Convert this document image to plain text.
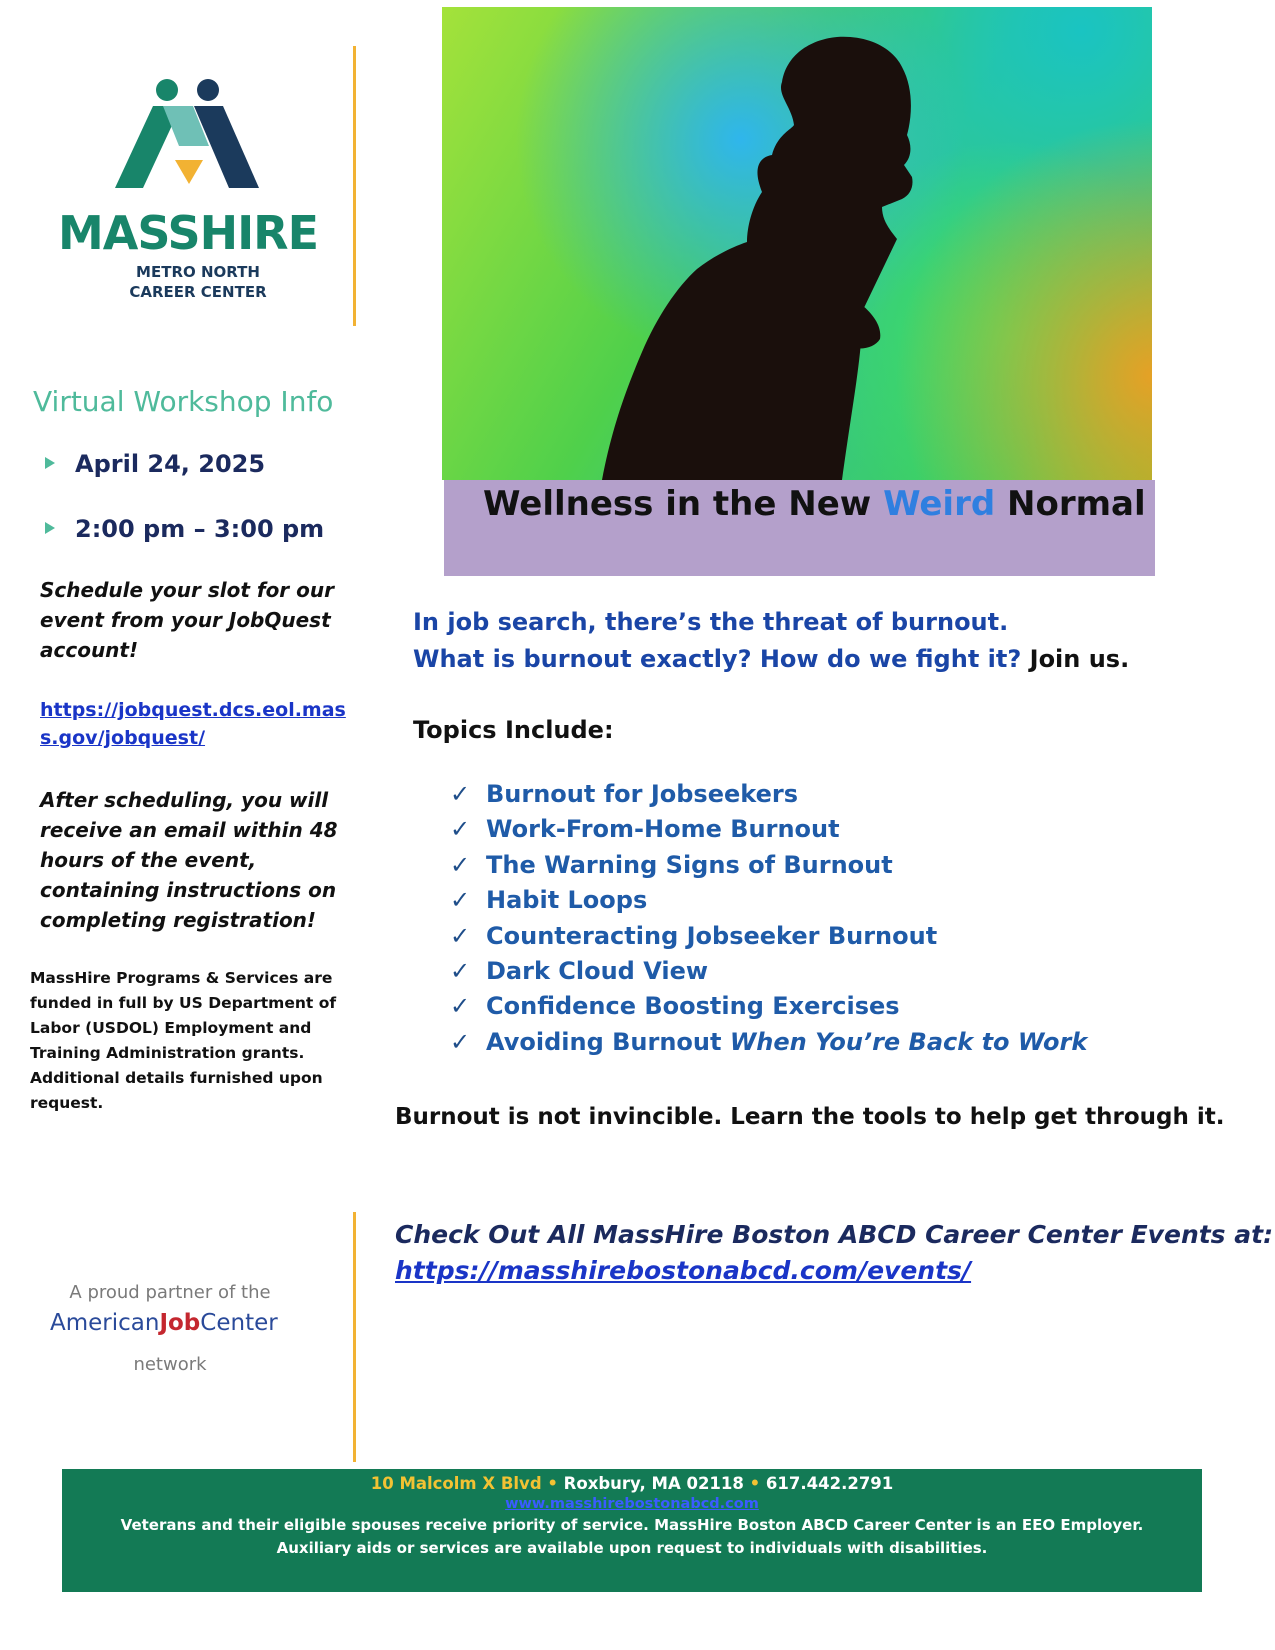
MASSHIRE
METRO NORTH
CAREER CENTER
Virtual Workshop Info
April 24, 2025
2:00 pm – 3:00 pm
Schedule your slot for our event from your JobQuest account!
https://jobquest.dcs.eol.mass.gov/jobquest/
After scheduling, you will receive an email within 48 hours of the event, containing instructions on completing registration!
MassHire Programs & Services are funded in full by US Department of Labor (USDOL) Employment and Training Administration grants. Additional details furnished upon request.
A proud partner of the
AmericanJobCenter
network
Wellness in the New Weird Normal
In job search, there’s the threat of burnout.
What is burnout exactly? How do we fight it? Join us.
Topics Include:
✓ Burnout for Jobseekers
✓ Work-From-Home Burnout
✓ The Warning Signs of Burnout
✓ Habit Loops
✓ Counteracting Jobseeker Burnout
✓ Dark Cloud View
✓ Confidence Boosting Exercises
✓ Avoiding Burnout When You’re Back to Work
Burnout is not invincible. Learn the tools to help get through it.
Check Out All MassHire Boston ABCD Career Center Events at:
https://masshirebostonabcd.com/events/
10 Malcolm X Blvd • Roxbury, MA 02118 • 617.442.2791
www.masshirebostonabcd.com
Veterans and their eligible spouses receive priority of service. MassHire Boston ABCD Career Center is an EEO Employer.
Auxiliary aids or services are available upon request to individuals with disabilities.
